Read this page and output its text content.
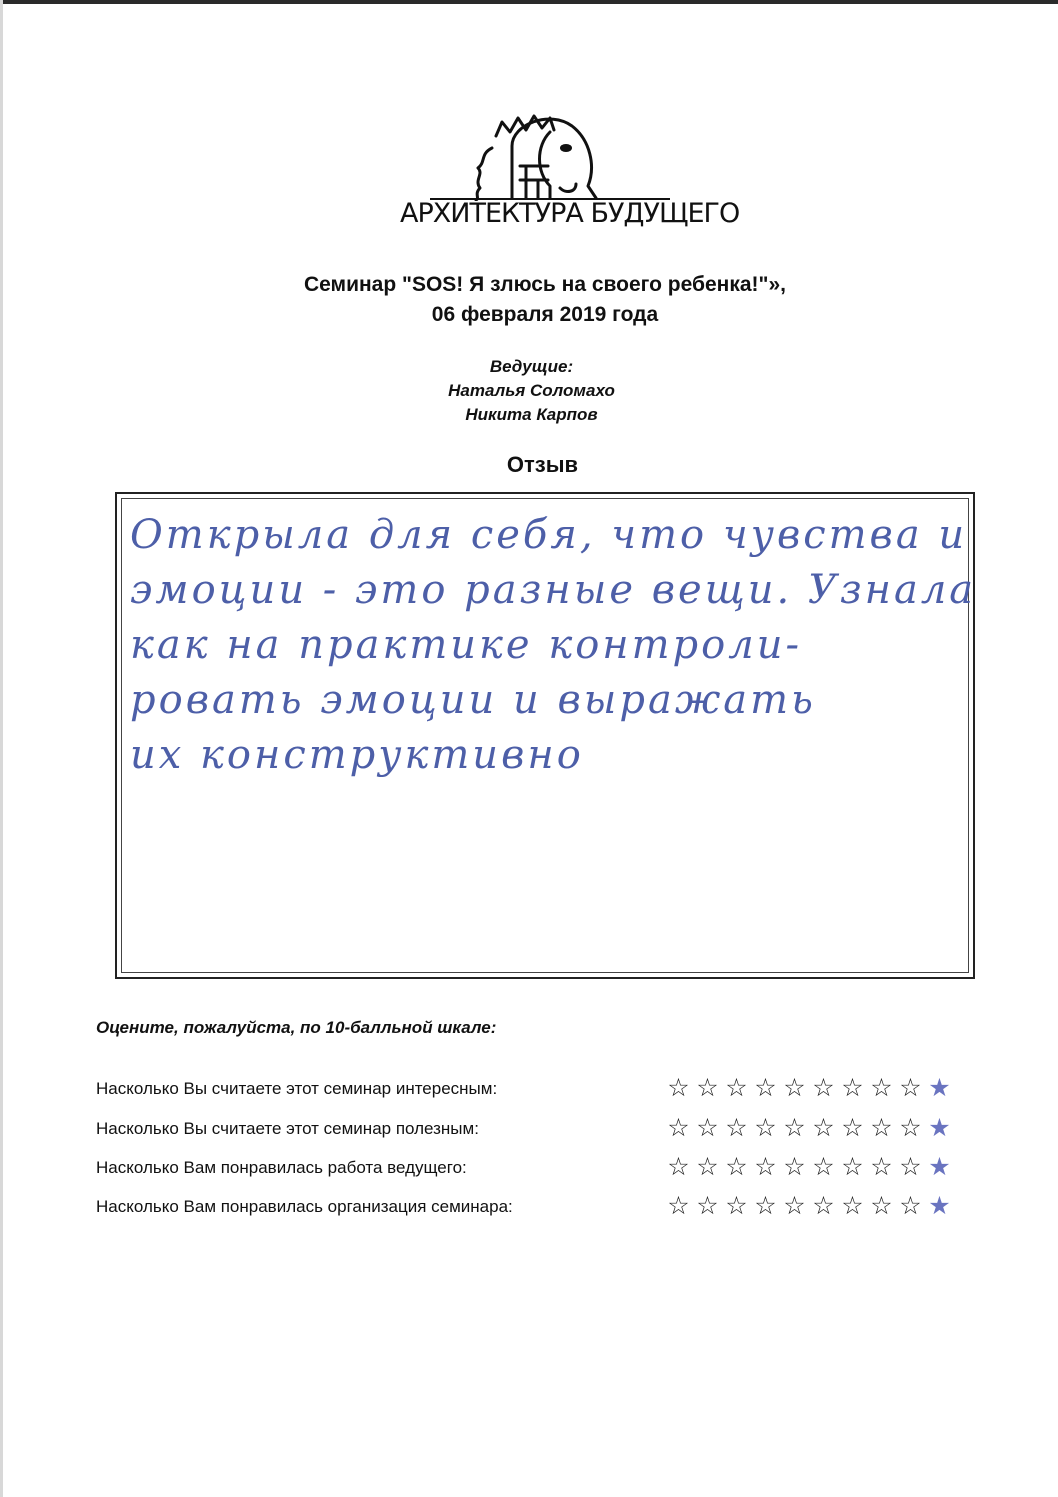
АРХИТЕКТУРА БУДУЩЕГО
Семинар "SOS! Я злюсь на своего ребенка!"»,
06 февраля 2019 года
Ведущие:
Наталья Соломахо
Никита Карпов
Отзыв
Открыла для себя, что чувства и
эмоции - это разные вещи. Узнала
как на практике контроли-
ровать эмоции и выражать
их конструктивно
Оцените, пожалуйста, по 10-балльной шкале:
Насколько Вы считаете этот семинар интересным:	☆ ☆ ☆ ☆ ☆ ☆ ☆ ☆ ☆ ★
Насколько Вы считаете этот семинар полезным:	☆ ☆ ☆ ☆ ☆ ☆ ☆ ☆ ☆ ★
Насколько Вам понравилась работа ведущего:	☆ ☆ ☆ ☆ ☆ ☆ ☆ ☆ ☆ ★
Насколько Вам понравилась организация семинара:	☆ ☆ ☆ ☆ ☆ ☆ ☆ ☆ ☆ ★
